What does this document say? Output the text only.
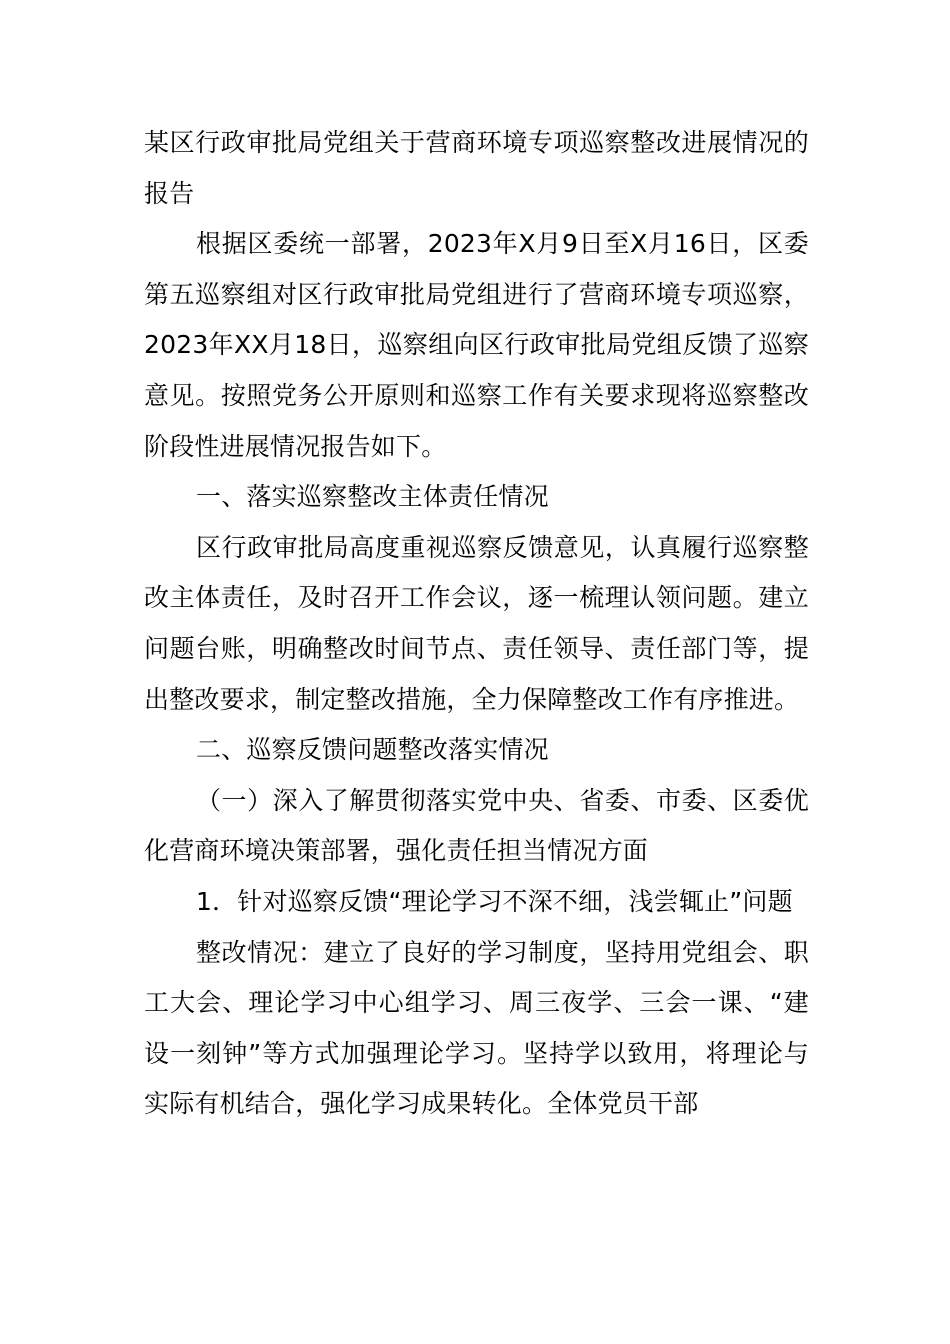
某区行政审批局党组关于营商环境专项巡察整改进展情况的报告

根据区委统一部署，2023年X月9日至X月16日，区委第五巡察组对区行政审批局党组进行了营商环境专项巡察，2023年XX月18日，巡察组向区行政审批局党组反馈了巡察意见。按照党务公开原则和巡察工作有关要求现将巡察整改阶段性进展情况报告如下。

一、落实巡察整改主体责任情况

区行政审批局高度重视巡察反馈意见，认真履行巡察整改主体责任，及时召开工作会议，逐一梳理认领问题。建立问题台账，明确整改时间节点、责任领导、责任部门等，提出整改要求，制定整改措施，全力保障整改工作有序推进。

二、巡察反馈问题整改落实情况

（一）深入了解贯彻落实党中央、省委、市委、区委优化营商环境决策部署，强化责任担当情况方面

1．针对巡察反馈“理论学习不深不细，浅尝辄止”问题

整改情况：建立了良好的学习制度，坚持用党组会、职工大会、理论学习中心组学习、周三夜学、三会一课、“建设一刻钟”等方式加强理论学习。坚持学以致用，将理论与实际有机结合，强化学习成果转化。全体党员干部
